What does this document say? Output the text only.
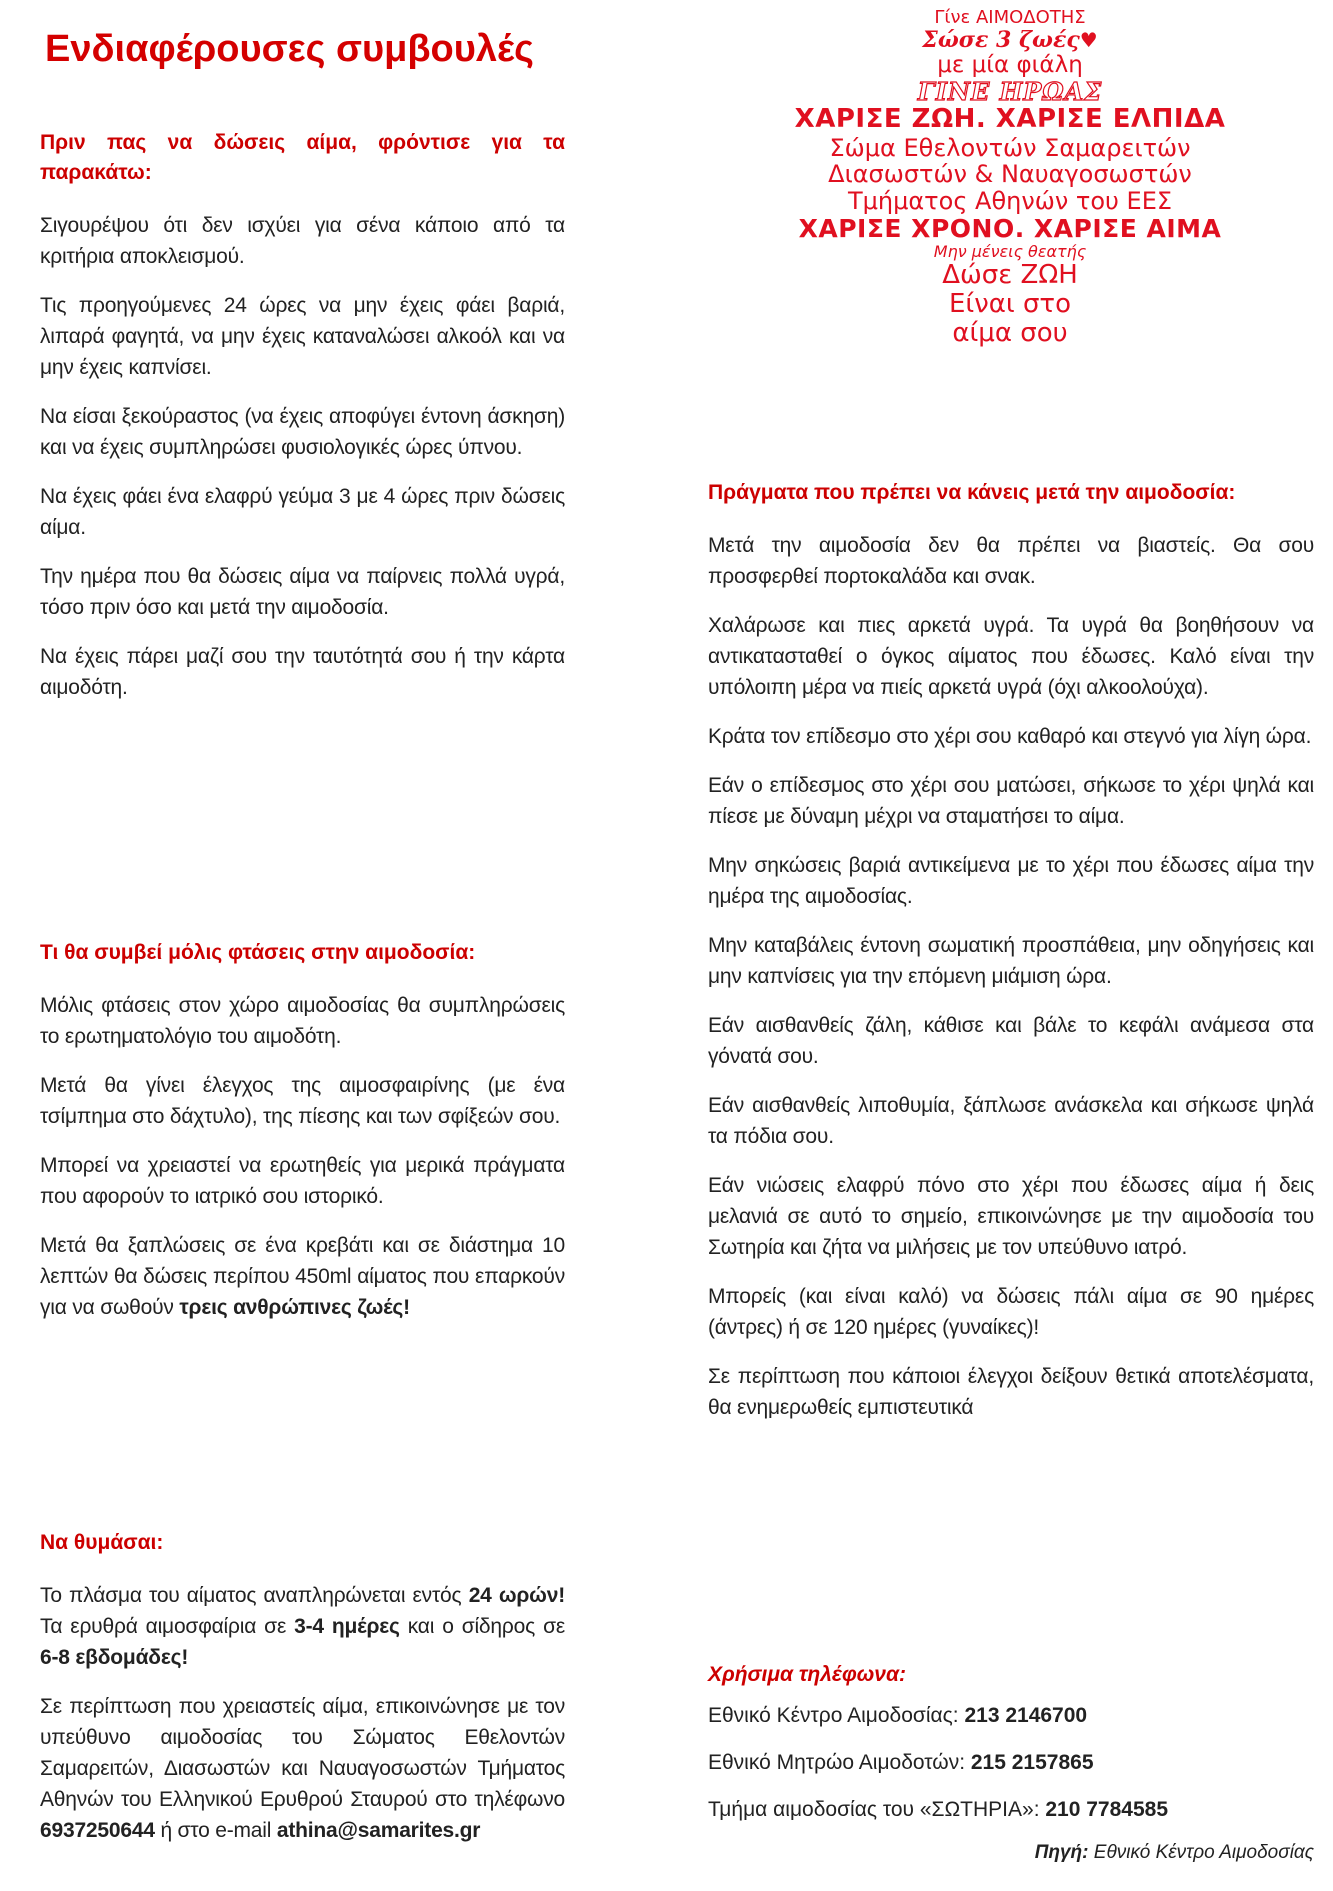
Ενδιαφέρουσες συμβουλές
Γίνε ΑΙΜΟΔΟΤΗΣ
Σώσε 3 ζωές♥
με μία φιάλη
ΓΙΝΕ ΗΡΩΑΣ
ΧΑΡΙΣΕ ΖΩΗ. ΧΑΡΙΣΕ ΕΛΠΙΔΑ
Σώμα Εθελοντών Σαμαρειτών
Διασωστών & Ναυαγοσωστών
Τμήματος Αθηνών του ΕΕΣ
ΧΑΡΙΣΕ ΧΡΟΝΟ. ΧΑΡΙΣΕ ΑΙΜΑ
Μην μένεις θεατής
Δώσε ΖΩΗ
Είναι στο
αίμα σου
Πριν πας να δώσεις αίμα, φρόντισε για τα παρακάτω:

Σιγουρέψου ότι δεν ισχύει για σένα κάποιο από τα κριτήρια αποκλεισμού.

Τις προηγούμενες 24 ώρες να μην έχεις φάει βαριά, λιπαρά φαγητά, να μην έχεις καταναλώσει αλκοόλ και να μην έχεις καπνίσει.

Να είσαι ξεκούραστος (να έχεις αποφύγει έντονη άσκηση) και να έχεις συμπληρώσει φυσιολογικές ώρες ύπνου.

Να έχεις φάει ένα ελαφρύ γεύμα 3 με 4 ώρες πριν δώσεις αίμα.

Την ημέρα που θα δώσεις αίμα να παίρνεις πολλά υγρά, τόσο πριν όσο και μετά την αιμοδοσία.

Να έχεις πάρει μαζί σου την ταυτότητά σου ή την κάρτα αιμοδότη.

Τι θα συμβεί μόλις φτάσεις στην αιμοδοσία:

Μόλις φτάσεις στον χώρο αιμοδοσίας θα συμπληρώσεις το ερωτηματολόγιο του αιμοδότη.

Μετά θα γίνει έλεγχος της αιμοσφαιρίνης (με ένα τσίμπημα στο δάχτυλο), της πίεσης και των σφίξεών σου.

Μπορεί να χρειαστεί να ερωτηθείς για μερικά πράγματα που αφορούν το ιατρικό σου ιστορικό.

Μετά θα ξαπλώσεις σε ένα κρεβάτι και σε διάστημα 10 λεπτών θα δώσεις περίπου 450ml αίματος που επαρκούν για να σωθούν τρεις ανθρώπινες ζωές!

Να θυμάσαι:

Το πλάσμα του αίματος αναπληρώνεται εντός 24 ωρών! Τα ερυθρά αιμοσφαίρια σε 3-4 ημέρες και ο σίδηρος σε 6-8 εβδομάδες!

Σε περίπτωση που χρειαστείς αίμα, επικοινώνησε με τον υπεύθυνο αιμοδοσίας του Σώματος Εθελοντών Σαμαρειτών, Διασωστών και Ναυαγοσωστών Τμήματος Αθηνών του Ελληνικού Ερυθρού Σταυρού στο τηλέφωνο 6937250644 ή στο e-mail athina@samarites.gr

Πράγματα που πρέπει να κάνεις μετά την αιμοδοσία:

Μετά την αιμοδοσία δεν θα πρέπει να βιαστείς. Θα σου προσφερθεί πορτοκαλάδα και σνακ.

Χαλάρωσε και πιες αρκετά υγρά. Τα υγρά θα βοηθήσουν να αντικατασταθεί ο όγκος αίματος που έδωσες. Καλό είναι την υπόλοιπη μέρα να πιείς αρκετά υγρά (όχι αλκοολούχα).

Κράτα τον επίδεσμο στο χέρι σου καθαρό και στεγνό για λίγη ώρα.

Εάν ο επίδεσμος στο χέρι σου ματώσει, σήκωσε το χέρι ψηλά και πίεσε με δύναμη μέχρι να σταματήσει το αίμα.

Μην σηκώσεις βαριά αντικείμενα με το χέρι που έδωσες αίμα την ημέρα της αιμοδοσίας.

Μην καταβάλεις έντονη σωματική προσπάθεια, μην οδηγήσεις και μην καπνίσεις για την επόμενη μιάμιση ώρα.

Εάν αισθανθείς ζάλη, κάθισε και βάλε το κεφάλι ανάμεσα στα γόνατά σου.

Εάν αισθανθείς λιποθυμία, ξάπλωσε ανάσκελα και σήκωσε ψηλά τα πόδια σου.

Εάν νιώσεις ελαφρύ πόνο στο χέρι που έδωσες αίμα ή δεις μελανιά σε αυτό το σημείο, επικοινώνησε με την αιμοδοσία του Σωτηρία και ζήτα να μιλήσεις με τον υπεύθυνο ιατρό.

Μπορείς (και είναι καλό) να δώσεις πάλι αίμα σε 90 ημέρες (άντρες) ή σε 120 ημέρες (γυναίκες)!

Σε περίπτωση που κάποιοι έλεγχοι δείξουν θετικά αποτελέσματα, θα ενημερωθείς εμπιστευτικά

Χρήσιμα τηλέφωνα:

Εθνικό Κέντρο Αιμοδοσίας: 213 2146700

Εθνικό Μητρώο Αιμοδοτών: 215 2157865

Τμήμα αιμοδοσίας του «ΣΩΤΗΡΙΑ»: 210 7784585

Πηγή: Εθνικό Κέντρο Αιμοδοσίας
